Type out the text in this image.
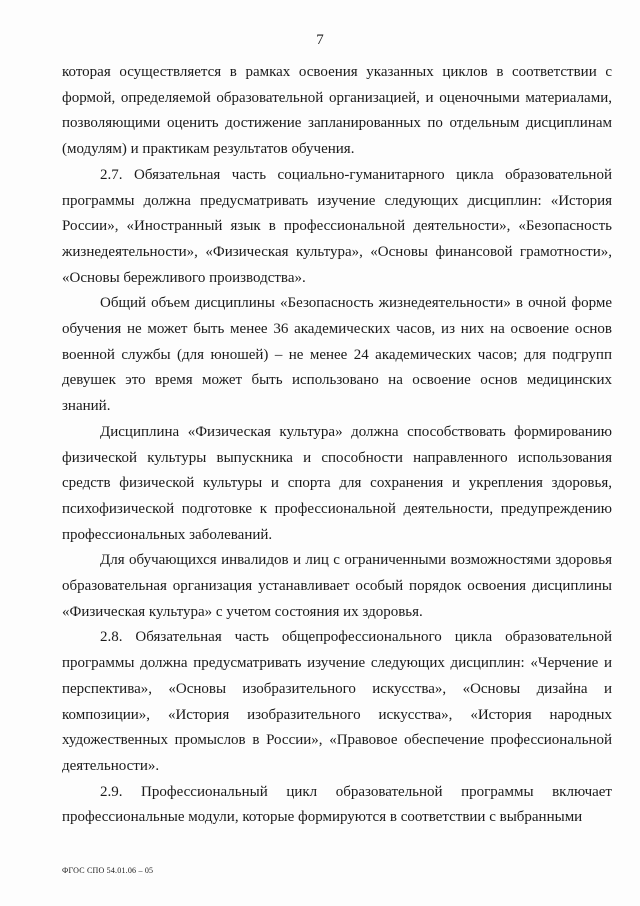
7

которая осуществляется в рамках освоения указанных циклов в соответствии с формой, определяемой образовательной организацией, и оценочными материалами, позволяющими оценить достижение запланированных по отдельным дисциплинам (модулям) и практикам результатов обучения.

2.7. Обязательная часть социально-гуманитарного цикла образовательной программы должна предусматривать изучение следующих дисциплин: «История России», «Иностранный язык в профессиональной деятельности», «Безопасность жизнедеятельности», «Физическая культура», «Основы финансовой грамотности», «Основы бережливого производства».

Общий объем дисциплины «Безопасность жизнедеятельности» в очной форме обучения не может быть менее 36 академических часов, из них на освоение основ военной службы (для юношей) – не менее 24 академических часов; для подгрупп девушек это время может быть использовано на освоение основ медицинских знаний.

Дисциплина «Физическая культура» должна способствовать формированию физической культуры выпускника и способности направленного использования средств физической культуры и спорта для сохранения и укрепления здоровья, психофизической подготовке к профессиональной деятельности, предупреждению профессиональных заболеваний.

Для обучающихся инвалидов и лиц с ограниченными возможностями здоровья образовательная организация устанавливает особый порядок освоения дисциплины «Физическая культура» с учетом состояния их здоровья.

2.8. Обязательная часть общепрофессионального цикла образовательной программы должна предусматривать изучение следующих дисциплин: «Черчение и перспектива», «Основы изобразительного искусства», «Основы дизайна и композиции», «История изобразительного искусства», «История народных художественных промыслов в России», «Правовое обеспечение профессиональной деятельности».

2.9. Профессиональный цикл образовательной программы включает профессиональные модули, которые формируются в соответствии с выбранными

ФГОС СПО 54.01.06 – 05
